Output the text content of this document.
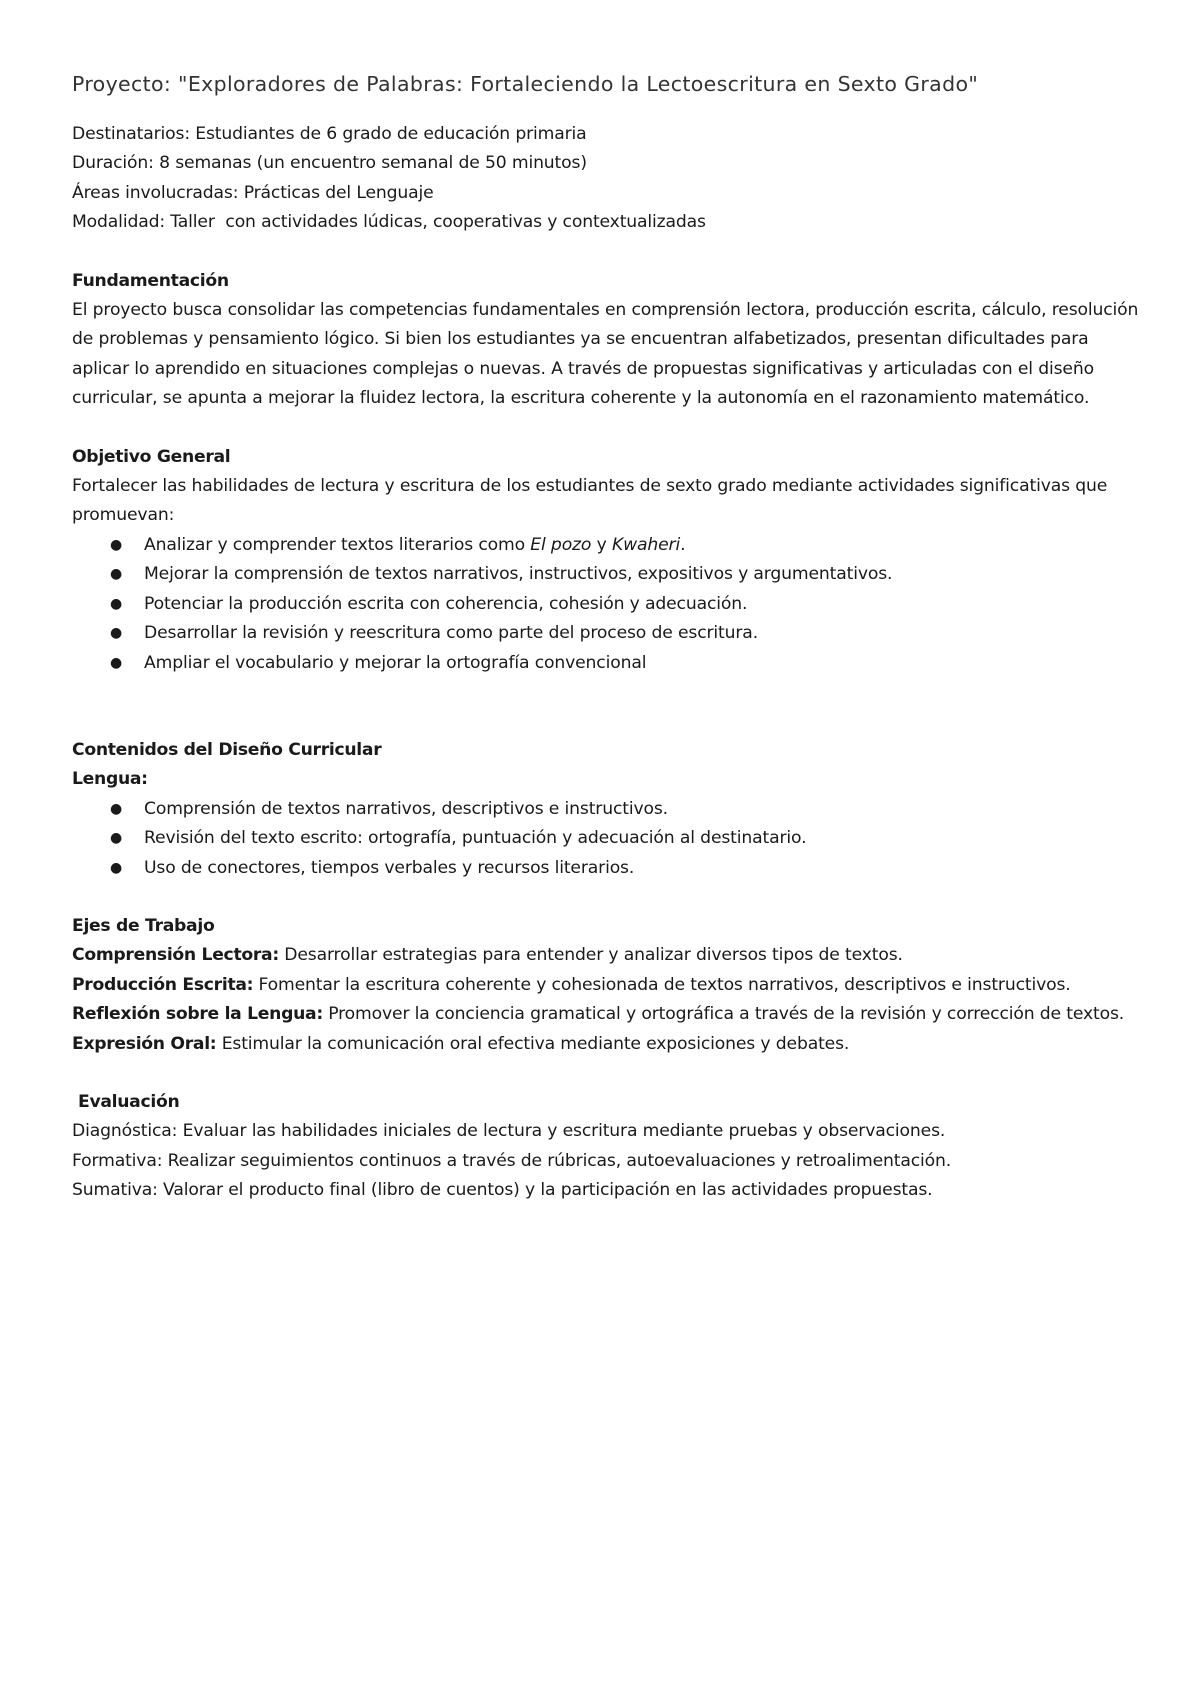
Proyecto: "Exploradores de Palabras: Fortaleciendo la Lectoescritura en Sexto Grado"

Destinatarios: Estudiantes de 6 grado de educación primaria

Duración: 8 semanas (un encuentro semanal de 50 minutos)

Áreas involucradas: Prácticas del Lenguaje

Modalidad: Taller  con actividades lúdicas, cooperativas y contextualizadas

Fundamentación

El proyecto busca consolidar las competencias fundamentales en comprensión lectora, producción escrita, cálculo, resolución de problemas y pensamiento lógico. Si bien los estudiantes ya se encuentran alfabetizados, presentan dificultades para aplicar lo aprendido en situaciones complejas o nuevas. A través de propuestas significativas y articuladas con el diseño curricular, se apunta a mejorar la fluidez lectora, la escritura coherente y la autonomía en el razonamiento matemático.

Objetivo General

Fortalecer las habilidades de lectura y escritura de los estudiantes de sexto grado mediante actividades significativas que promuevan:

● Analizar y comprender textos literarios como El pozo y Kwaheri.
● Mejorar la comprensión de textos narrativos, instructivos, expositivos y argumentativos.
● Potenciar la producción escrita con coherencia, cohesión y adecuación.
● Desarrollar la revisión y reescritura como parte del proceso de escritura.
● Ampliar el vocabulario y mejorar la ortografía convencional
Contenidos del Diseño Curricular
Lengua:
● Comprensión de textos narrativos, descriptivos e instructivos.
● Revisión del texto escrito: ortografía, puntuación y adecuación al destinatario.
● Uso de conectores, tiempos verbales y recursos literarios.
Ejes de Trabajo

Comprensión Lectora: Desarrollar estrategias para entender y analizar diversos tipos de textos.

Producción Escrita: Fomentar la escritura coherente y cohesionada de textos narrativos, descriptivos e instructivos.

Reflexión sobre la Lengua: Promover la conciencia gramatical y ortográfica a través de la revisión y corrección de textos.

Expresión Oral: Estimular la comunicación oral efectiva mediante exposiciones y debates.

Evaluación

Diagnóstica: Evaluar las habilidades iniciales de lectura y escritura mediante pruebas y observaciones.

Formativa: Realizar seguimientos continuos a través de rúbricas, autoevaluaciones y retroalimentación.

Sumativa: Valorar el producto final (libro de cuentos) y la participación en las actividades propuestas.
